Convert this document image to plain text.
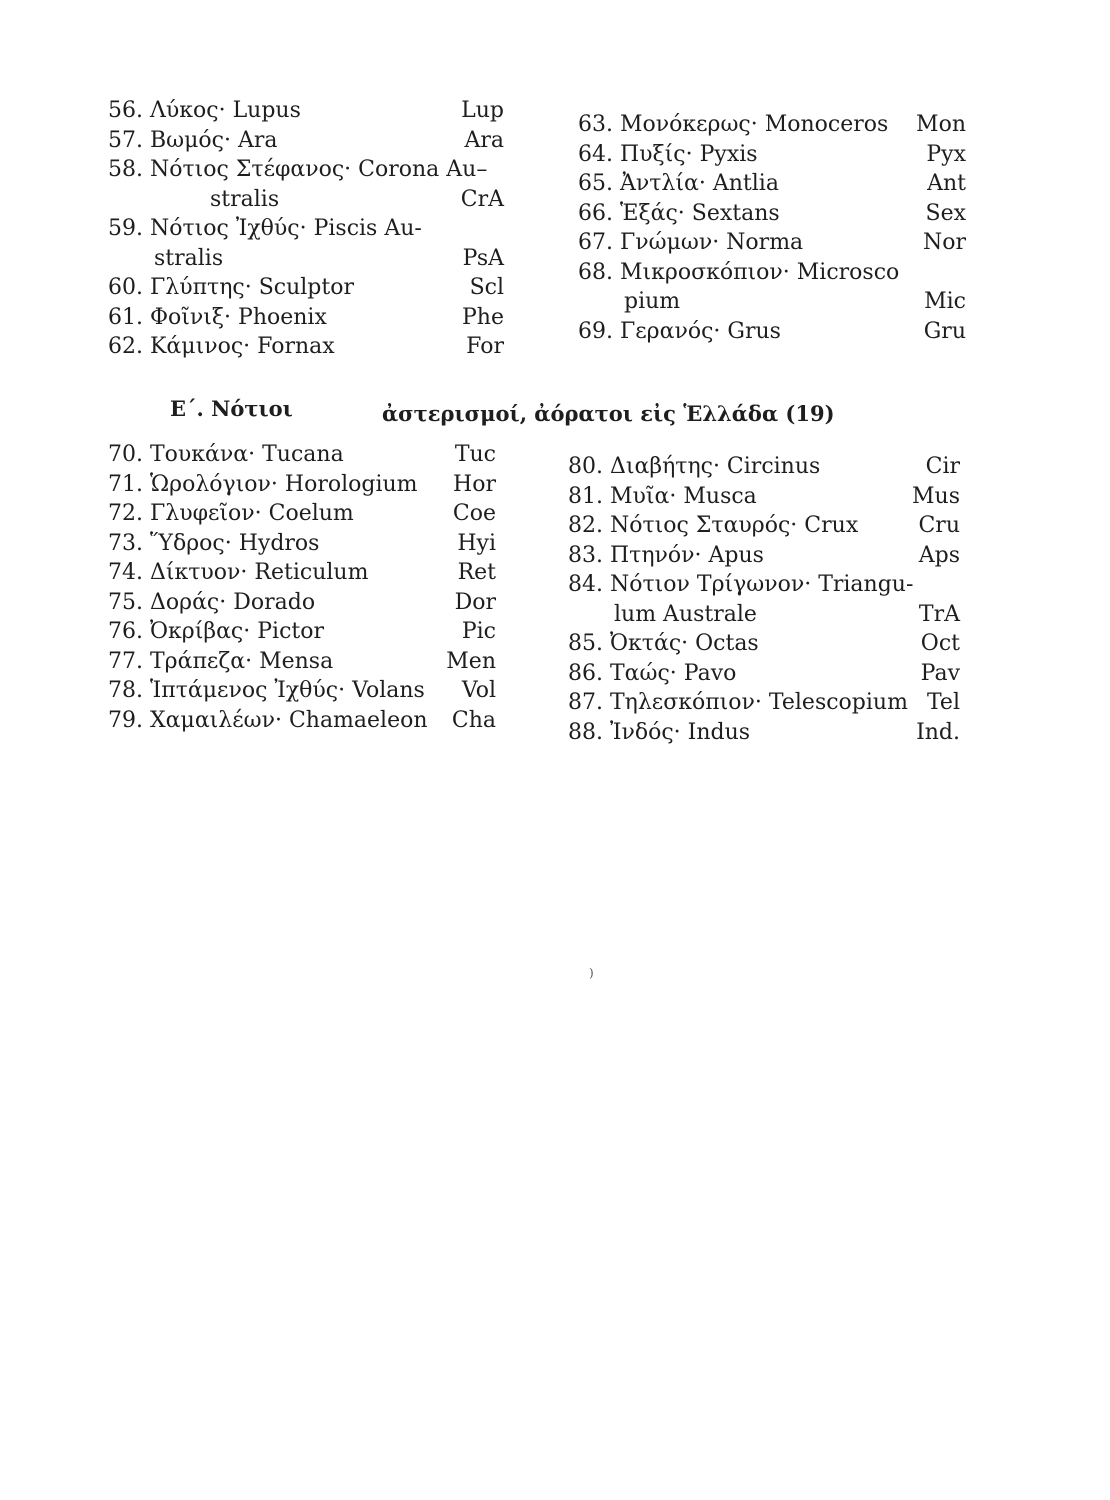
56. Λύκος· Lupus	Lup
57. Βωμός· Ara	Ara
58. Νότιος Στέφανος· Corona Au–
stralis	CrA
59. Νότιος Ἰχθύς· Piscis Au-
stralis	PsA
60. Γλύπτης· Sculptor	Scl
61. Φοῖνιξ· Phoenix	Phe
62. Κάμινος· Fornax	For
63. Μονόκερως· Monoceros Mon
64. Πυξίς· Pyxis	Pyx
65. Ἀντλία· Antlia	Ant
66. Ἑξάς· Sextans	Sex
67. Γνώμων· Norma	Nor
68. Μικροσκόπιον· Microsco
pium	Mic
69. Γερανός· Grus	Gru
Ε΄. Νότιοι	ἀστερισμοί, ἀόρατοι εἰς Ἑλλάδα (19)
70. Τουκάνα· Tucana	Tuc
71. Ὡρολόγιον· Horologium Hor
72. Γλυφεῖον· Coelum	Coe
73. Ὕδρος· Hydros	Hyi
74. Δίκτυον· Reticulum	Ret
75. Δοράς· Dorado	Dor
76. Ὀκρίβας· Pictor	Pic
77. Τράπεζα· Mensa	Men
78. Ἱπτάμενος Ἰχθύς· Volans Vol
79. Χαμαιλέων· Chamaeleon Cha
80. Διαβήτης· Circinus	Cir
81. Μυῖα· Musca	Mus
82. Νότιος Σταυρός· Crux	Cru
83. Πτηνόν· Apus	Aps
84. Νότιον Τρίγωνον· Triangu-
lum Australe	TrA
85. Ὀκτάς· Octas	Oct
86. Ταώς· Pavo	Pav
87. Τηλεσκόπιον· Telescopium Tel
88. Ἰνδός· Indus	Ind.
)
